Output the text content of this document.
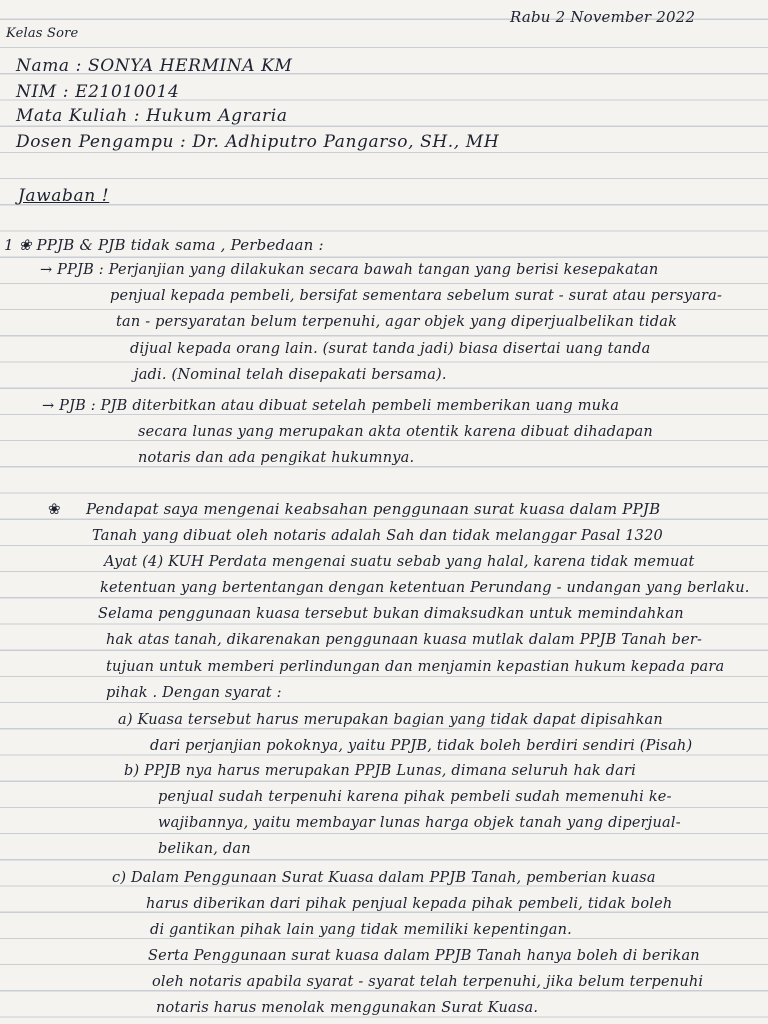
Kelas Sore
Rabu 2 November 2022
Nama : SONYA HERMINA KM
NIM : E21010014
Mata Kuliah : Hukum Agraria
Dosen Pengampu : Dr. Adhiputro Pangarso, SH., MH
Jawaban !
1 ❀ PPJB & PJB tidak sama , Perbedaan :
→ PPJB : Perjanjian yang dilakukan secara bawah tangan yang berisi kesepakatan
penjual kepada pembeli, bersifat sementara sebelum surat - surat atau persyara-
tan - persyaratan belum terpenuhi, agar objek yang diperjualbelikan tidak
dijual kepada orang lain. (surat tanda jadi) biasa disertai uang tanda
jadi. (Nominal telah disepakati bersama).
→ PJB : PJB diterbitkan atau dibuat setelah pembeli memberikan uang muka
secara lunas yang merupakan akta otentik karena dibuat dihadapan
notaris dan ada pengikat hukumnya.
❀ Pendapat saya mengenai keabsahan penggunaan surat kuasa dalam PPJB
Tanah yang dibuat oleh notaris adalah Sah dan tidak melanggar Pasal 1320
Ayat (4) KUH Perdata mengenai suatu sebab yang halal, karena tidak memuat
ketentuan yang bertentangan dengan ketentuan Perundang - undangan yang berlaku.
Selama penggunaan kuasa tersebut bukan dimaksudkan untuk memindahkan
hak atas tanah, dikarenakan penggunaan kuasa mutlak dalam PPJB Tanah ber-
tujuan untuk memberi perlindungan dan menjamin kepastian hukum kepada para
pihak . Dengan syarat :
a) Kuasa tersebut harus merupakan bagian yang tidak dapat dipisahkan
dari perjanjian pokoknya, yaitu PPJB, tidak boleh berdiri sendiri (Pisah)
b) PPJB nya harus merupakan PPJB Lunas, dimana seluruh hak dari
penjual sudah terpenuhi karena pihak pembeli sudah memenuhi ke-
wajibannya, yaitu membayar lunas harga objek tanah yang diperjual-
belikan, dan
c) Dalam Penggunaan Surat Kuasa dalam PPJB Tanah, pemberian kuasa
harus diberikan dari pihak penjual kepada pihak pembeli, tidak boleh
di gantikan pihak lain yang tidak memiliki kepentingan.
Serta Penggunaan surat kuasa dalam PPJB Tanah hanya boleh di berikan
oleh notaris apabila syarat - syarat telah terpenuhi, jika belum terpenuhi
notaris harus menolak menggunakan Surat Kuasa.
